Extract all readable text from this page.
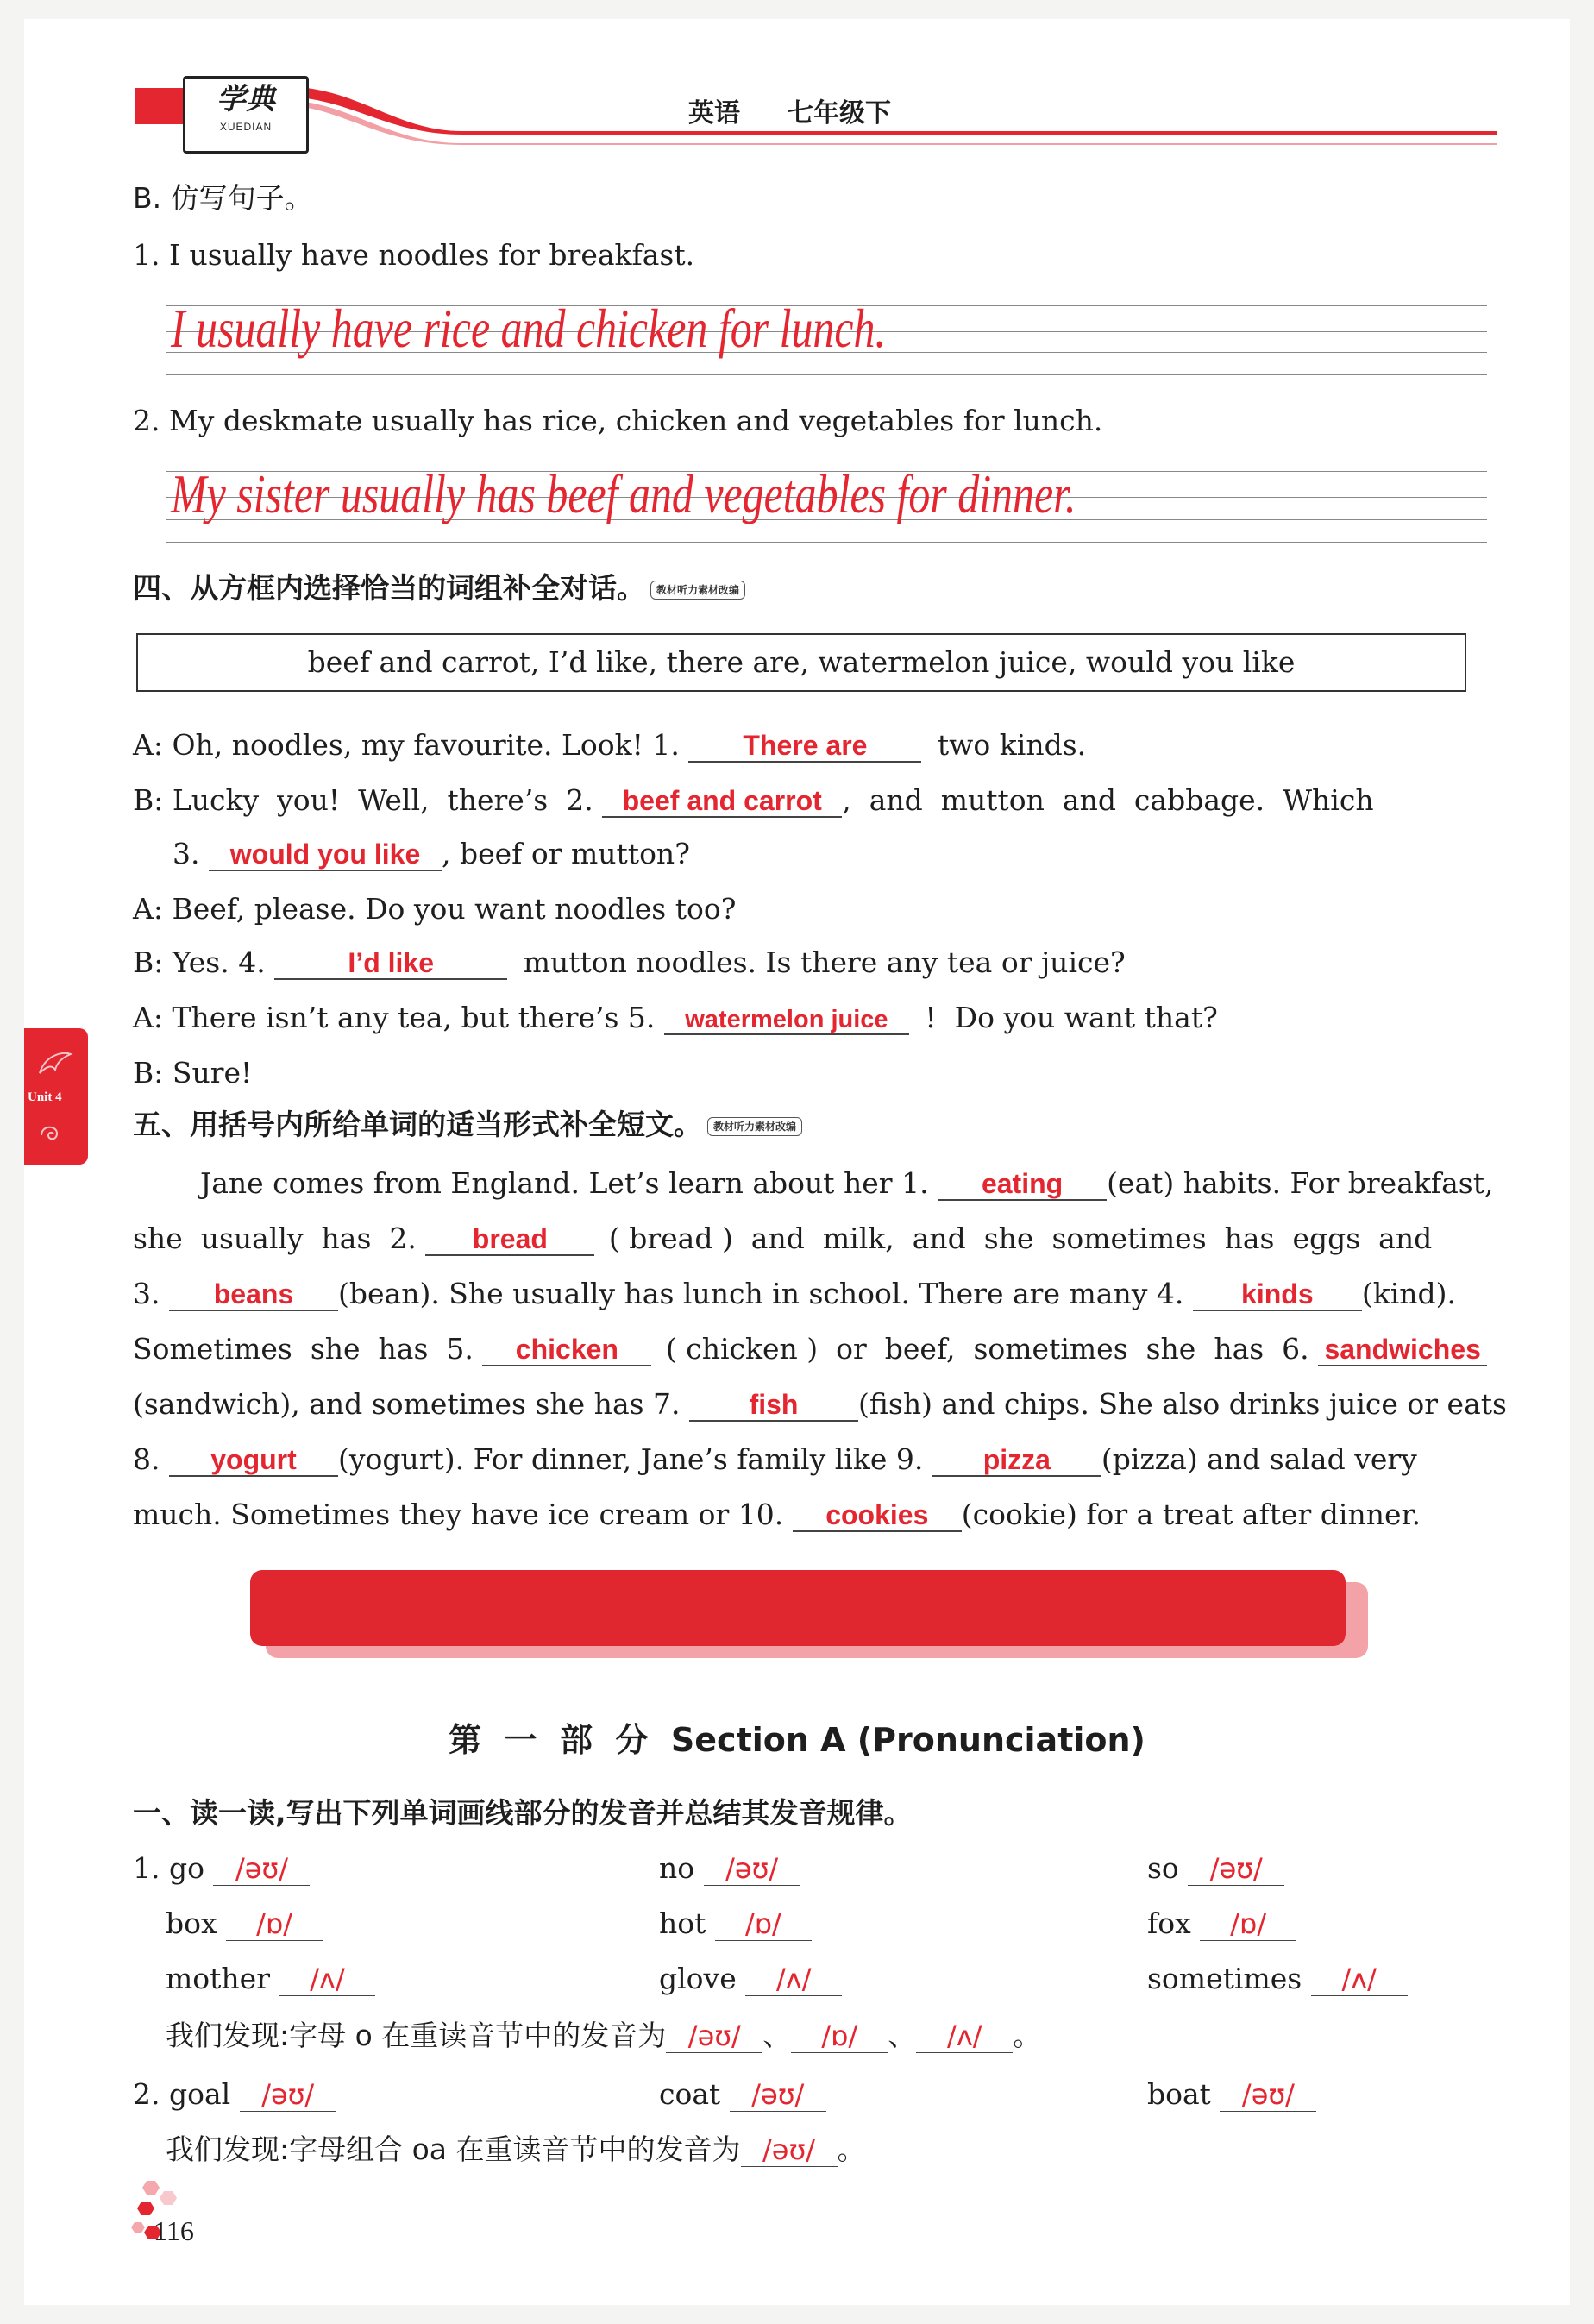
学典
XUEDIAN	英语 七年级下
Unit 4
B. 仿写句子。
1. I usually have noodles for breakfast.
I usually have rice and chicken for lunch.
2. My deskmate usually has rice, chicken and vegetables for lunch.
My sister usually has beef and vegetables for dinner.
四、从方框内选择恰当的词组补全对话。 教材听力素材改编
beef and carrot, I’d like, there are, watermelon juice, would you like
A: Oh, noodles, my favourite. Look! 1. There are two kinds.
B: Lucky  you!  Well,  there’s  2. beef and carrot ,  and  mutton  and  cabbage.  Which
3. would you like , beef or mutton?
A: Beef, please. Do you want noodles too?
B: Yes. 4.	I’d like	mutton noodles. Is there any tea or juice?
A: There isn’t any tea, but there’s 5. watermelon juice !  Do you want that?
B: Sure!
五、用括号内所给单词的适当形式补全短文。 教材听力素材改编
Jane comes from England. Let’s learn about her 1. eating (eat) habits. For breakfast,
she  usually  has  2. bread ( bread )  and  milk,  and  she  sometimes  has  eggs  and
3. beans (bean). She usually has lunch in school. There are many 4. kinds (kind).
Sometimes  she  has  5. chicken ( chicken )  or  beef,  sometimes  she  has  6. sandwiches
(sandwich), and sometimes she has 7.	fish (fish) and chips. She also drinks juice or eats
8. yogurt (yogurt). For dinner, Jane’s family like 9. pizza (pizza) and salad very
much. Sometimes they have ice cream or 10. cookies (cookie) for a treat after dinner.

堂 堂 清  ·  第 2 课 时  Section A (Pronunciation−2e)

第  一  部  分  Section A (Pronunciation)
一、读一读,写出下列单词画线部分的发音并总结其发音规律。
1. go /əʊ/	no /əʊ/	so /əʊ/
box /ɒ/	hot /ɒ/	fox /ɒ/
mother /ʌ/	glove /ʌ/	sometimes /ʌ/
我们发现:字母 o 在重读音节中的发音为 /əʊ/ 、 /ɒ/ 、 /ʌ/ 。
2. goal /əʊ/	coat /əʊ/	boat /əʊ/
我们发现:字母组合 oa 在重读音节中的发音为 /əʊ/ 。
116
